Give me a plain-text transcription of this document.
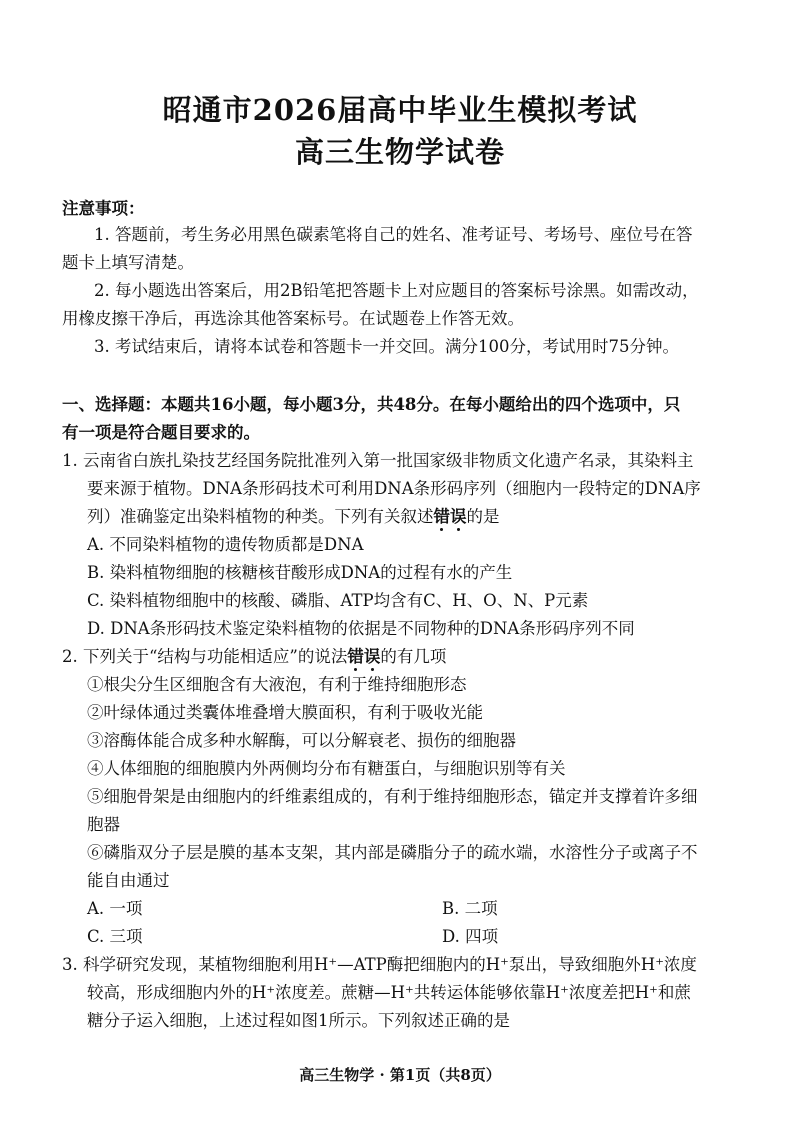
昭通市2026届高中毕业生模拟考试
高三生物学试卷
注意事项：
1. 答题前，考生务必用黑色碳素笔将自己的姓名、准考证号、考场号、座位号在答
题卡上填写清楚。
2. 每小题选出答案后，用2B铅笔把答题卡上对应题目的答案标号涂黑。如需改动，
用橡皮擦干净后，再选涂其他答案标号。在试题卷上作答无效。
3. 考试结束后，请将本试卷和答题卡一并交回。满分100分，考试用时75分钟。
一、选择题：本题共16小题，每小题3分，共48分。在每小题给出的四个选项中，只
有一项是符合题目要求的。
1. 云南省白族扎染技艺经国务院批准列入第一批国家级非物质文化遗产名录，其染料主
要来源于植物。DNA条形码技术可利用DNA条形码序列（细胞内一段特定的DNA序
列）准确鉴定出染料植物的种类。下列有关叙述错误的是
A. 不同染料植物的遗传物质都是DNA
B. 染料植物细胞的核糖核苷酸形成DNA的过程有水的产生
C. 染料植物细胞中的核酸、磷脂、ATP均含有C、H、O、N、P元素
D. DNA条形码技术鉴定染料植物的依据是不同物种的DNA条形码序列不同
2. 下列关于“结构与功能相适应”的说法错误的有几项
①根尖分生区细胞含有大液泡，有利于维持细胞形态
②叶绿体通过类囊体堆叠增大膜面积，有利于吸收光能
③溶酶体能合成多种水解酶，可以分解衰老、损伤的细胞器
④人体细胞的细胞膜内外两侧均分布有糖蛋白，与细胞识别等有关
⑤细胞骨架是由细胞内的纤维素组成的，有利于维持细胞形态，锚定并支撑着许多细
胞器
⑥磷脂双分子层是膜的基本支架，其内部是磷脂分子的疏水端，水溶性分子或离子不
能自由通过
A. 一项	B. 二项
C. 三项	D. 四项
3. 科学研究发现，某植物细胞利用H⁺—ATP酶把细胞内的H⁺泵出，导致细胞外H⁺浓度
较高，形成细胞内外的H⁺浓度差。蔗糖—H⁺共转运体能够依靠H⁺浓度差把H⁺和蔗
糖分子运入细胞，上述过程如图1所示。下列叙述正确的是
高三生物学 · 第1页（共8页）
